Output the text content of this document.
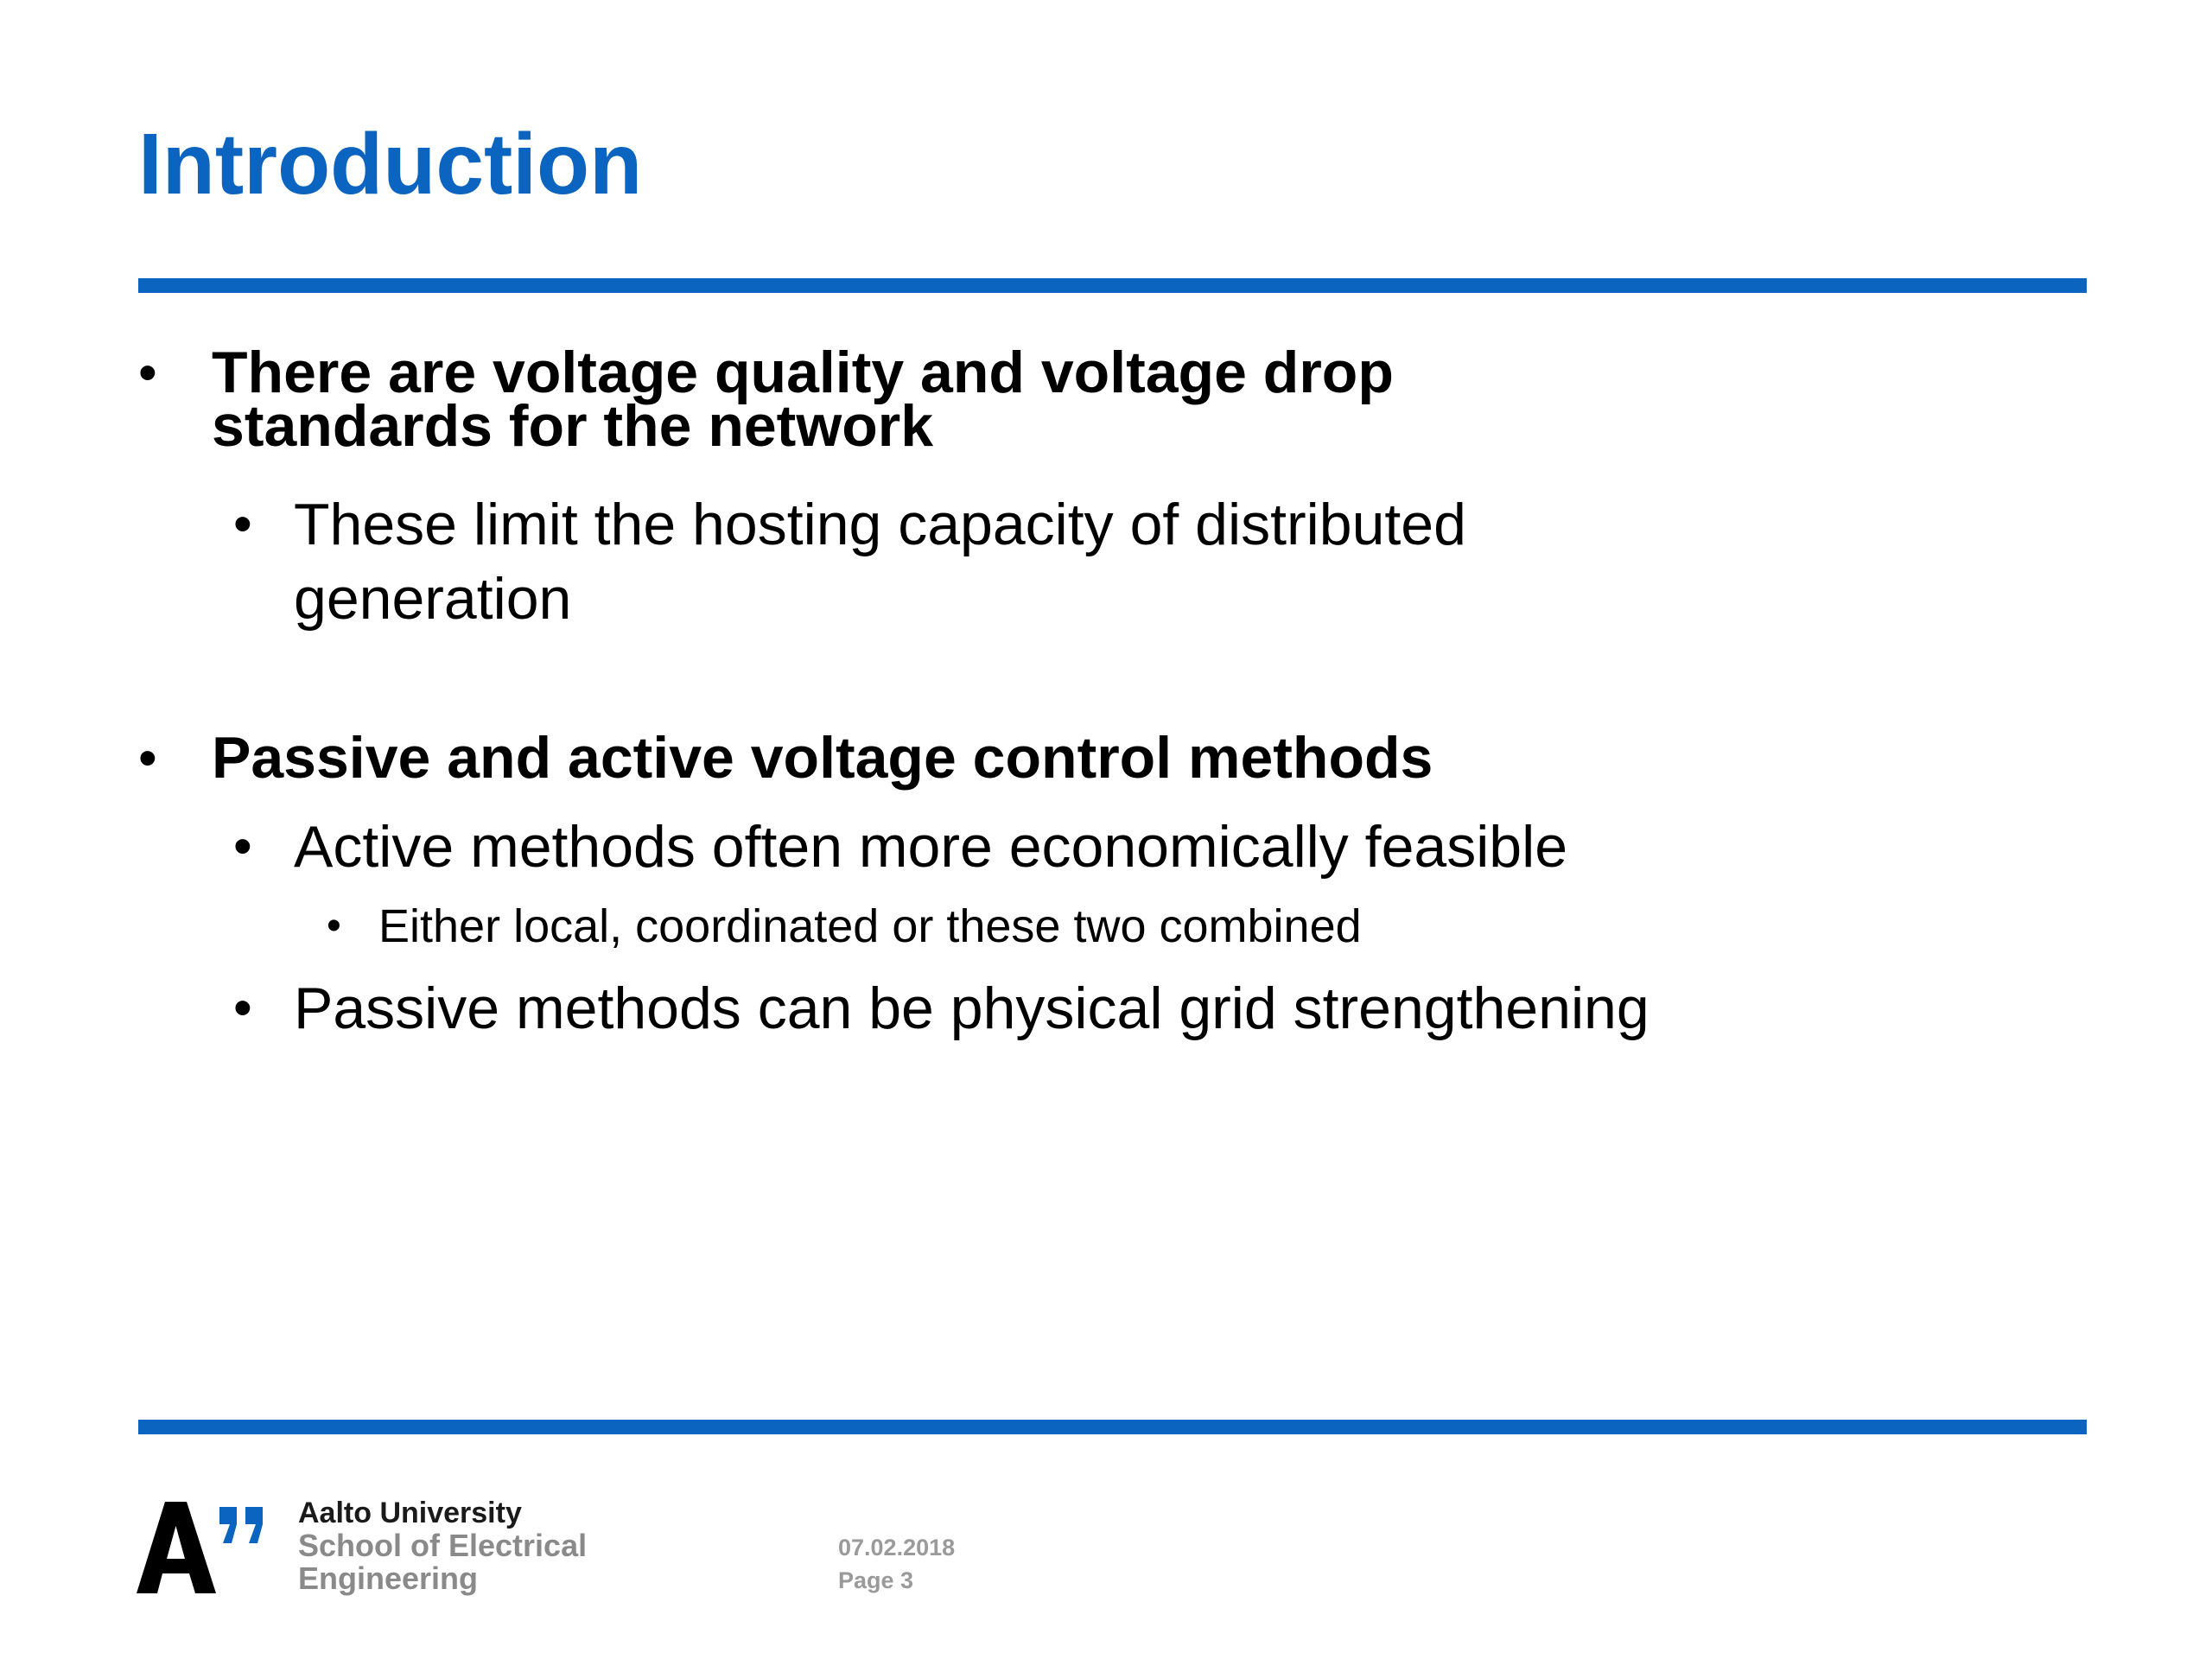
Introduction
• There are voltage quality and voltage drop standards for the network
• These limit the hosting capacity of distributed generation
• Passive and active voltage control methods
• Active methods often more economically feasible
• Either local, coordinated or these two combined
• Passive methods can be physical grid strengthening
Aalto University
School of Electrical Engineering
07.02.2018
Page 3
